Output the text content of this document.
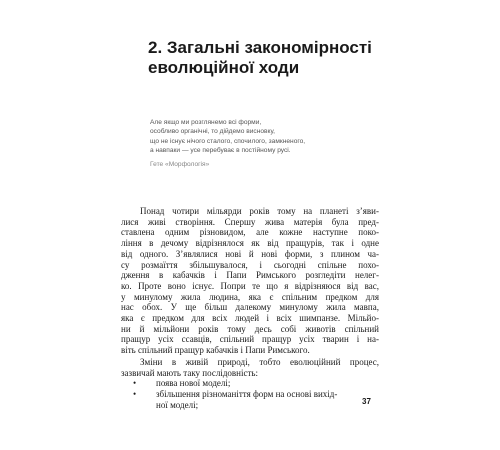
2. Загальні закономірності
еволюційної ходи
Але якщо ми розглянемо всі форми,
особливо органічні, то дійдемо висновку,
що не існує нічого сталого, спочилого, замкненого,
а навпаки — усе перебуває в постійному русі.
Гете «Морфологія»
Понад чотири мільярди років тому на планеті з’яви-
лися живі створіння. Спершу жива матерія була пред-
ставлена одним різновидом, але кожне наступне поко-
ління в дечому відрізнялося як від пращурів, так і одне
від одного. З’являлися нові й нові форми, з плином ча-
су розмаїття збільшувалося, і сьогодні спільне похо-
дження в кабачків і Папи Римського розгледіти нелег-
ко. Проте воно існує. Попри те що я відрізняюся від вас,
у минулому жила людина, яка є спільним предком для
нас обох. У ще більш далекому минулому жила мавпа,
яка є предком для всіх людей і всіх шимпанзе. Мільйо-
ни й мільйони років тому десь собі животів спільний
пращур усіх ссавців, спільний пращур усіх тварин і на-
віть спільний пращур кабачків і Папи Римського.
Зміни в живій природі, тобто еволюційний процес,
зазвичай мають таку послідовність:
•	поява нової моделі;
•	збільшення різноманіття форм на основі вихід-
ної моделі;	37
